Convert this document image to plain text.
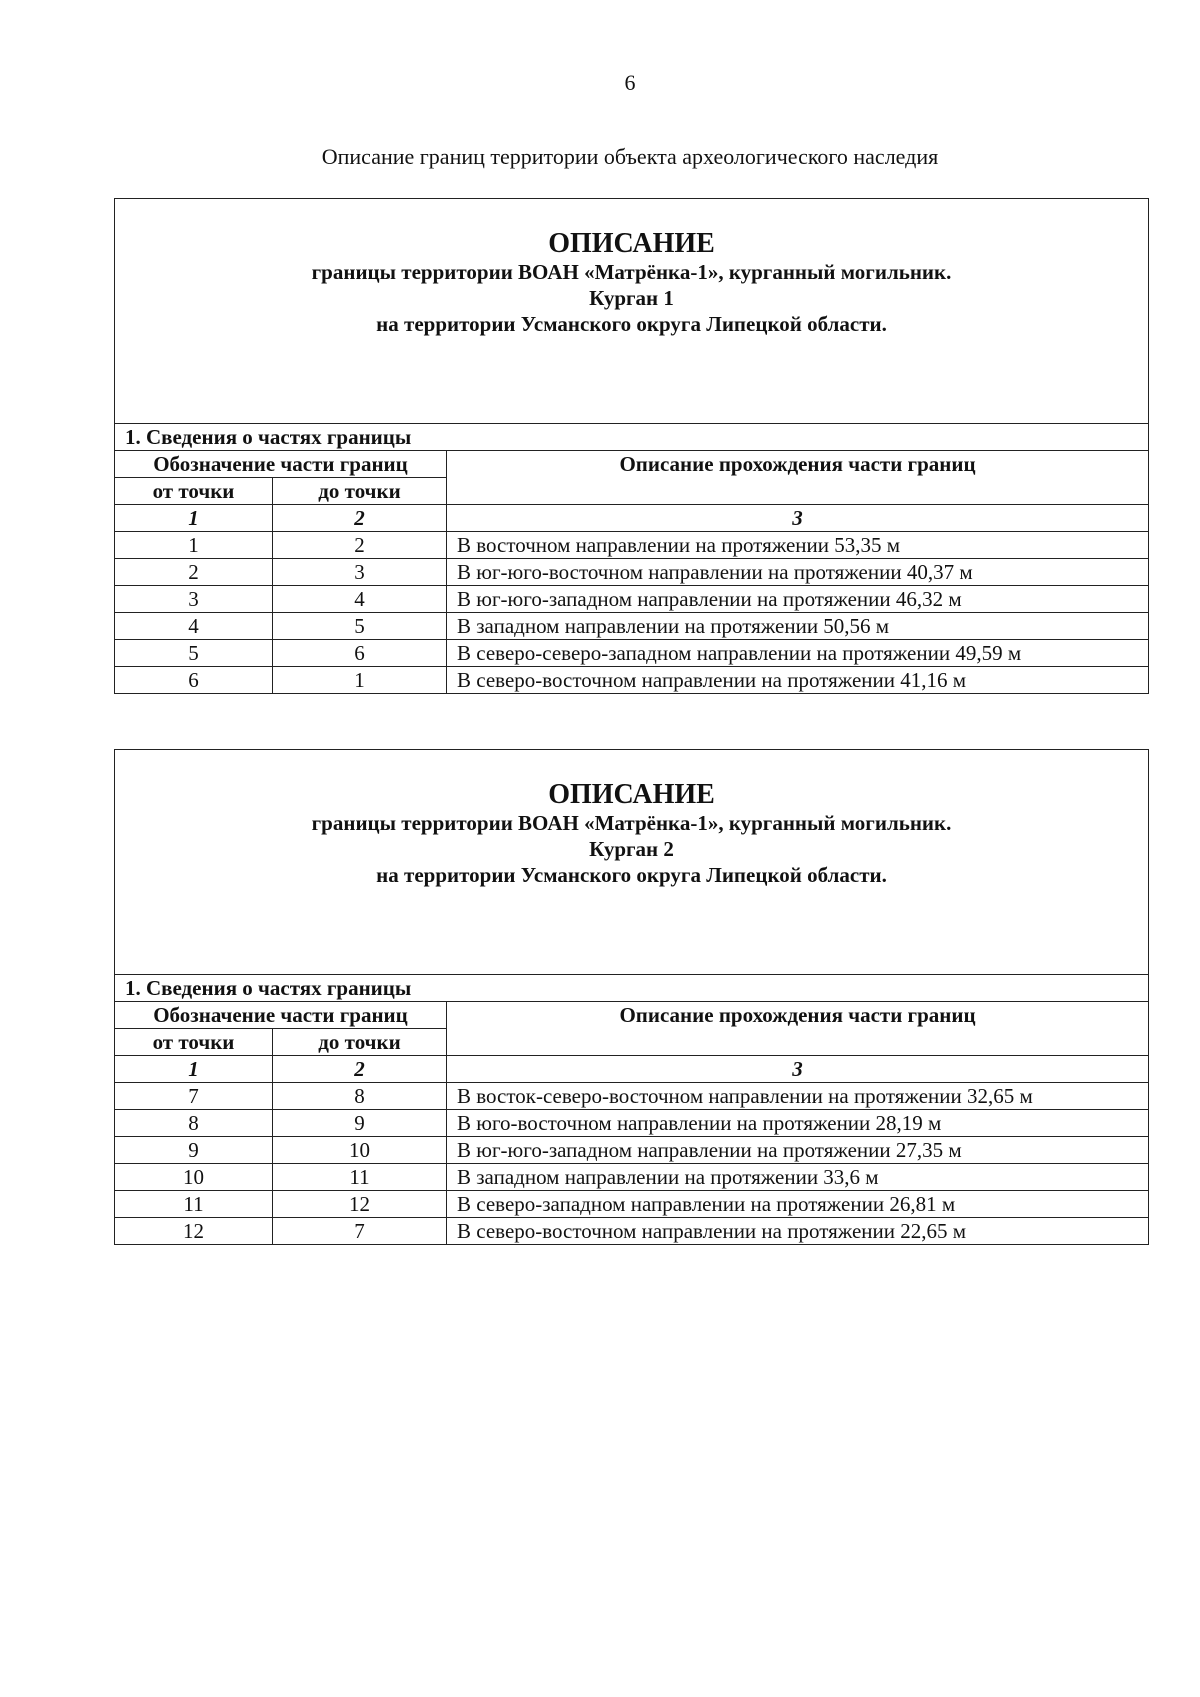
6
Описание границ территории объекта археологического наследия
ОПИСАНИЕ
границы территории ВОАН «Матрёнка-1», курганный могильник.
Курган 1
на территории Усманского округа Липецкой области.		

1. Сведения о частях границы		
Обозначение части границ		Описание прохождения части границ
от точки	до точки	
1	2	3
1	2	В восточном направлении на протяжении 53,35 м
2	3	В юг-юго-восточном направлении на протяжении 40,37 м
3	4	В юг-юго-западном направлении на протяжении 46,32 м
4	5	В западном направлении на протяжении 50,56 м
5	6	В северо-северо-западном направлении на протяжении 49,59 м
6	1	В северо-восточном направлении на протяжении 41,16 м
ОПИСАНИЕ
границы территории ВОАН «Матрёнка-1», курганный могильник.
Курган 2
на территории Усманского округа Липецкой области.		

1. Сведения о частях границы		
Обозначение части границ		Описание прохождения части границ
от точки	до точки	
1	2	3
7	8	В восток-северо-восточном направлении на протяжении 32,65 м
8	9	В юго-восточном направлении на протяжении 28,19 м
9	10	В юг-юго-западном направлении на протяжении 27,35 м
10	11	В западном направлении на протяжении 33,6 м
11	12	В северо-западном направлении на протяжении 26,81 м
12	7	В северо-восточном направлении на протяжении 22,65 м
